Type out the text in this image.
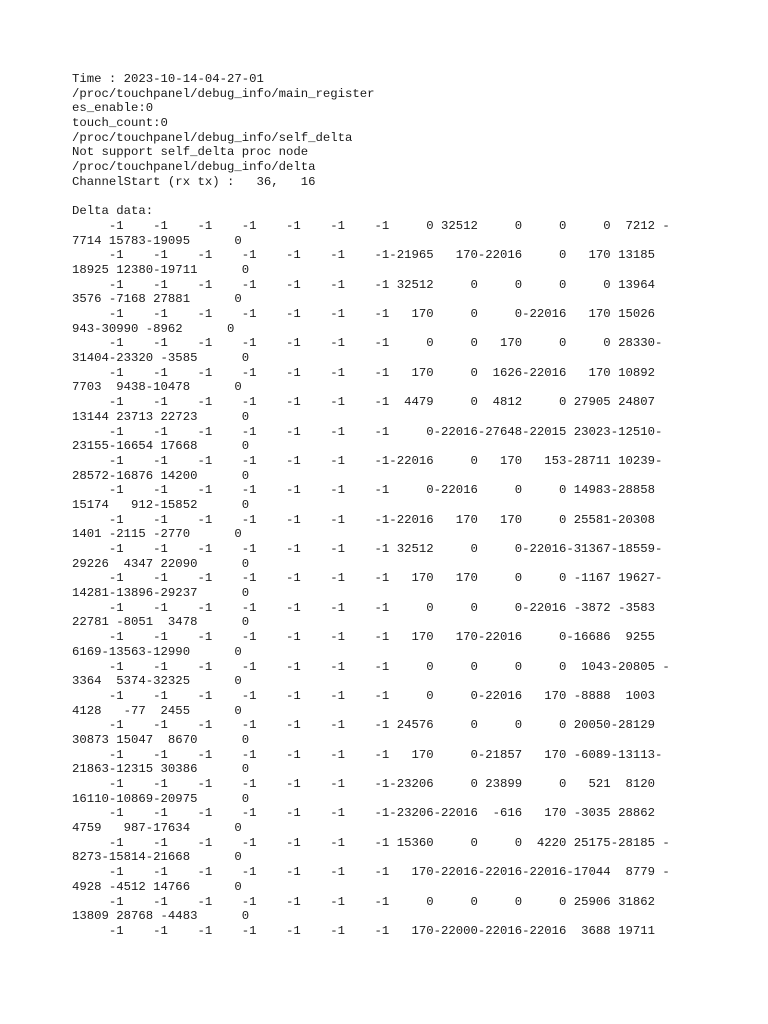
Time : 2023-10-14-04-27-01
/proc/touchpanel/debug_info/main_register
es_enable:0
touch_count:0
/proc/touchpanel/debug_info/self_delta
Not support self_delta proc node
/proc/touchpanel/debug_info/delta
ChannelStart (rx tx) :   36,   16

Delta data:
-1    -1    -1    -1    -1    -1    -1     0 32512     0     0     0  7212 -
7714 15783-19095      0
-1    -1    -1    -1    -1    -1    -1-21965   170-22016     0   170 13185
18925 12380-19711      0
-1    -1    -1    -1    -1    -1    -1 32512     0     0     0     0 13964
3576 -7168 27881      0
-1    -1    -1    -1    -1    -1    -1   170     0     0-22016   170 15026
943-30990 -8962      0
-1    -1    -1    -1    -1    -1    -1     0     0   170     0     0 28330-
31404-23320 -3585      0
-1    -1    -1    -1    -1    -1    -1   170     0  1626-22016   170 10892
7703  9438-10478      0
-1    -1    -1    -1    -1    -1    -1  4479     0  4812     0 27905 24807
13144 23713 22723      0
-1    -1    -1    -1    -1    -1    -1     0-22016-27648-22015 23023-12510-
23155-16654 17668      0
-1    -1    -1    -1    -1    -1    -1-22016     0   170   153-28711 10239-
28572-16876 14200      0
-1    -1    -1    -1    -1    -1    -1     0-22016     0     0 14983-28858
15174   912-15852      0
-1    -1    -1    -1    -1    -1    -1-22016   170   170     0 25581-20308
1401 -2115 -2770      0
-1    -1    -1    -1    -1    -1    -1 32512     0     0-22016-31367-18559-
29226  4347 22090      0
-1    -1    -1    -1    -1    -1    -1   170   170     0     0 -1167 19627-
14281-13896-29237      0
-1    -1    -1    -1    -1    -1    -1     0     0     0-22016 -3872 -3583
22781 -8051  3478      0
-1    -1    -1    -1    -1    -1    -1   170   170-22016     0-16686  9255
6169-13563-12990      0
-1    -1    -1    -1    -1    -1    -1     0     0     0     0  1043-20805 -
3364  5374-32325      0
-1    -1    -1    -1    -1    -1    -1     0     0-22016   170 -8888  1003
4128   -77  2455      0
-1    -1    -1    -1    -1    -1    -1 24576     0     0     0 20050-28129
30873 15047  8670      0
-1    -1    -1    -1    -1    -1    -1   170     0-21857   170 -6089-13113-
21863-12315 30386      0
-1    -1    -1    -1    -1    -1    -1-23206     0 23899     0   521  8120
16110-10869-20975      0
-1    -1    -1    -1    -1    -1    -1-23206-22016  -616   170 -3035 28862
4759   987-17634      0
-1    -1    -1    -1    -1    -1    -1 15360     0     0  4220 25175-28185 -
8273-15814-21668      0
-1    -1    -1    -1    -1    -1    -1   170-22016-22016-22016-17044  8779 -
4928 -4512 14766      0
-1    -1    -1    -1    -1    -1    -1     0     0     0     0 25906 31862
13809 28768 -4483      0
-1    -1    -1    -1    -1    -1    -1   170-22000-22016-22016  3688 19711
